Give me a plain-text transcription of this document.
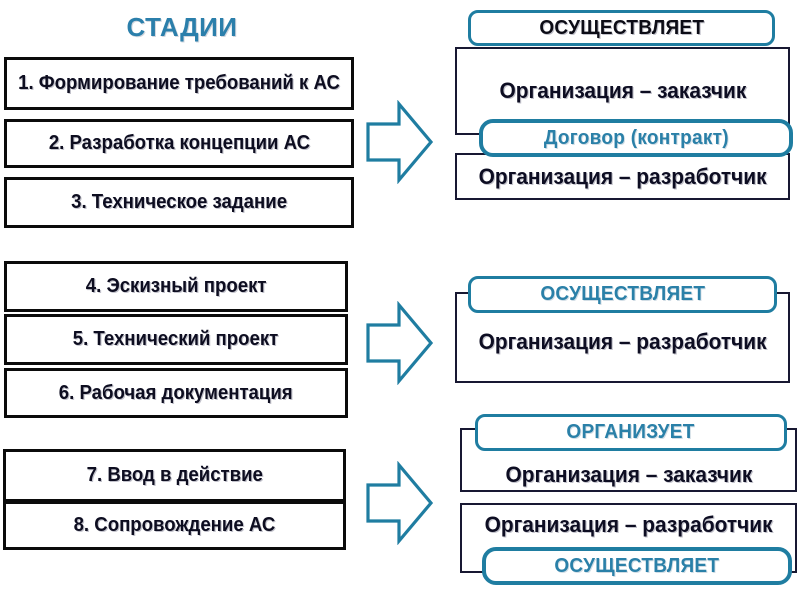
СТАДИИ
1. Формирование требований к АС
2. Разработка концепции АС
3. Техническое задание
4. Эскизный проект
5. Технический проект
6. Рабочая документация
7. Ввод в действие
8. Сопровождение АС
Организация – заказчик
Организация – разработчик
ОСУЩЕСТВЛЯЕТ
Договор (контракт)
Организация – разработчик
ОСУЩЕСТВЛЯЕТ
Организация – заказчик
Организация – разработчик
ОРГАНИЗУЕТ
ОСУЩЕСТВЛЯЕТ
